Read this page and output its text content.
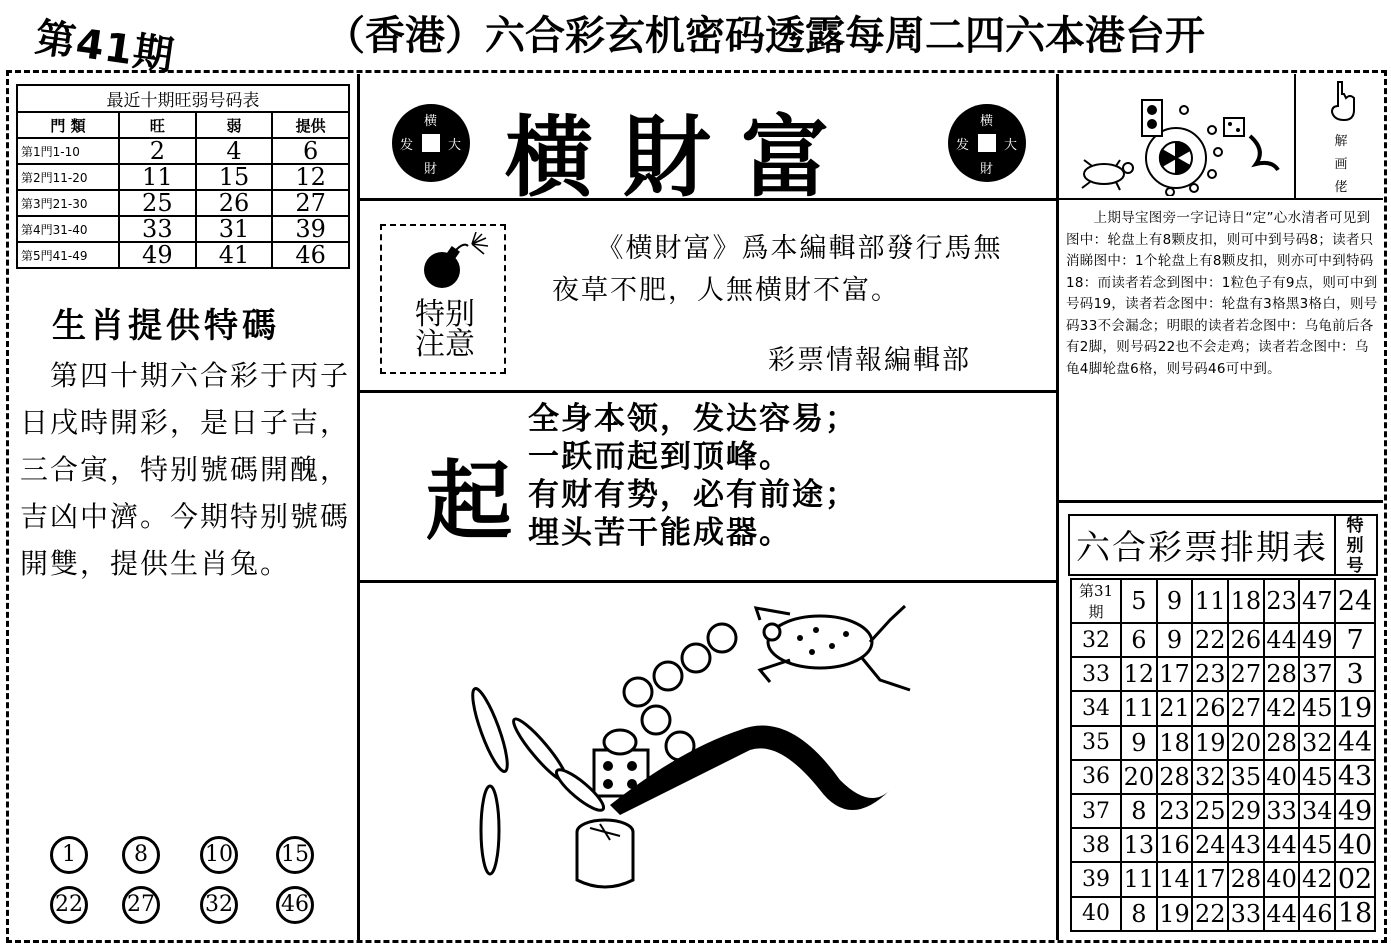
第41期	（香港）六合彩玄机密码透露每周二四六本港台开
最近十期旺弱号码表			
門 類	旺	弱	提供
第1門1-10	2	4	6
第2門11-20	11	15	12
第3門21-30	25	26	27
第4門31-40	33	31	39
第5門41-49	49	41	46
生肖提供特碼
　第四十期六合彩于丙子日戌時開彩，是日子吉，三合寅，特别號碼開醜，吉凶中濟。今期特别號碼開雙，提供生肖兔。
1	8	10 15
22 27 32 46
横
大
財
发 横財富	横
大
財
发
特别
注意
　　《横財富》爲本編輯部發行馬無夜草不肥，人無横財不富。
彩票情報編輯部
起
全身本领，发达容易；
一跃而起到顶峰。
有财有势，必有前途；
埋头苦干能成器。
解画佬
　　上期导宝图旁一字记诗日“定”心水清者可见到图中：轮盘上有8颗皮扣，则可中到号码8；读者只消睇图中：1个轮盘上有8颗皮扣，则亦可中到特码18：而读者若念到图中：1粒色子有9点，则可中到号码19，读者若念图中：轮盘有3格黑3格白，则号码33不会漏念；明眼的读者若念图中：乌龟前后各有2脚，则号码22也不会走鸡；读者若念图中：乌龟4脚轮盘6格，则号码46可中到。
六合彩票排期表
特别号
第31期	5	9	11	18	23	47	24
32	6	9	22	26	44	49	7
33	12	17	23	27	28	37	3
34	11	21	26	27	42	45	19
35	9	18	19	20	28	32	44
36	20	28	32	35	40	45	43
37	8	23	25	29	33	34	49
38	13	16	24	43	44	45	40
39	11	14	17	28	40	42	02
40	8	19	22	33	44	46	18
